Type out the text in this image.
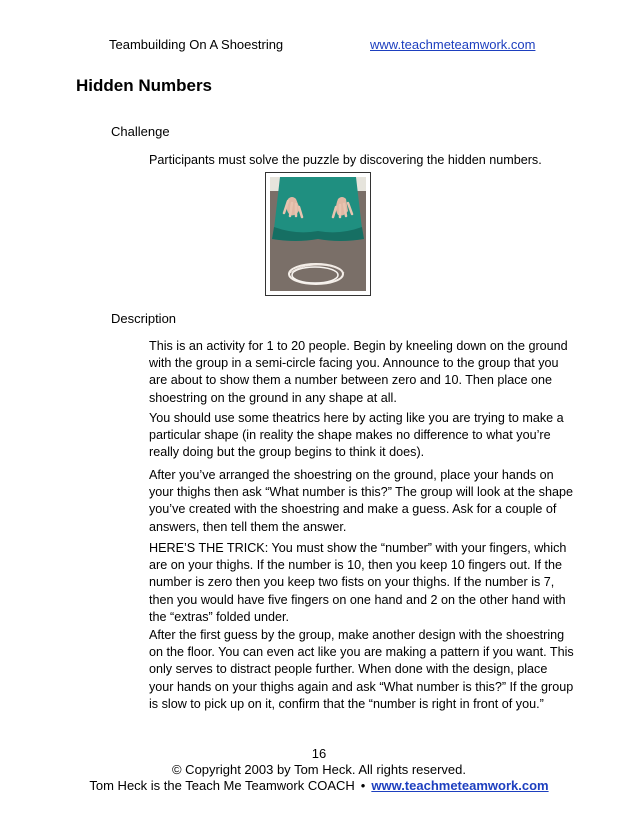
Teambuilding On A Shoestring	www.teachmeteamwork.com
Hidden Numbers
Challenge
Participants must solve the puzzle by discovering the hidden numbers.
Description
This is an activity for 1 to 20 people. Begin by kneeling down on the ground with the group in a semi-circle facing you. Announce to the group that you are about to show them a number between zero and 10. Then place one shoestring on the ground in any shape at all.
You should use some theatrics here by acting like you are trying to make a particular shape (in reality the shape makes no difference to what you’re really doing but the group begins to think it does).
After you’ve arranged the shoestring on the ground, place your hands on your thighs then ask “What number is this?” The group will look at the shape you’ve created with the shoestring and make a guess. Ask for a couple of answers, then tell them the answer.
HERE’S THE TRICK: You must show the “number” with your fingers, which are on your thighs. If the number is 10, then you keep 10 fingers out. If the number is zero then you keep two fists on your thighs. If the number is 7, then you would have five fingers on one hand and 2 on the other hand with the “extras” folded under.
After the first guess by the group, make another design with the shoestring on the floor. You can even act like you are making a pattern if you want. This only serves to distract people further. When done with the design, place your hands on your thighs again and ask “What number is this?” If the group is slow to pick up on it, confirm that the “number is right in front of you.”
16
© Copyright 2003 by Tom Heck. All rights reserved.
Tom Heck is the Teach Me Teamwork COACH • www.teachmeteamwork.com
